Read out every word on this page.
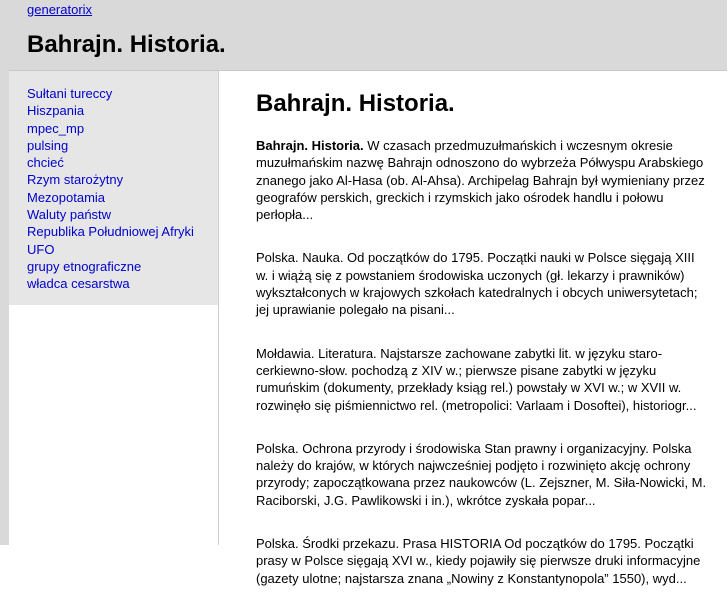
generatorix
Bahrajn. Historia.
Sułtani tureccy
Hiszpania
mpec_mp
pulsing
chcieć
Rzym starożytny
Mezopotamia
Waluty państw
Republika Południowej Afryki
UFO
grupy etnograficzne
władca cesarstwa
Bahrajn. Historia.

Bahrajn. Historia. W czasach przedmuzułmańskich i wczesnym okresie muzułmańskim nazwę Bahrajn odnoszono do wybrzeża Półwyspu Arabskiego znanego jako Al-Hasa (ob. Al-Ahsa). Archipelag Bahrajn był wymieniany przez geografów perskich, greckich i rzymskich jako ośrodek handlu i połowu perłopła...

Polska. Nauka. Od początków do 1795. Początki nauki w Polsce sięgają XIII w. i wiążą się z powstaniem środowiska uczonych (gł. lekarzy i prawników) wykształconych w krajowych szkołach katedralnych i obcych uniwersytetach; jej uprawianie polegało na pisani...

Mołdawia. Literatura. Najstarsze zachowane zabytki lit. w języku staro-cerkiewno-słow. pochodzą z XIV w.; pierwsze pisane zabytki w języku rumuńskim (dokumenty, przekłady ksiąg rel.) powstały w XVI w.; w XVII w. rozwinęło się piśmiennictwo rel. (metropolici: Varlaam i Dosoftei), historiogr...

Polska. Ochrona przyrody i środowiska Stan prawny i organizacyjny. Polska należy do krajów, w których najwcześniej podjęto i rozwinięto akcję ochrony przyrody; zapoczątkowana przez naukowców (L. Zejszner, M. Siła-Nowicki, M. Raciborski, J.G. Pawlikowski i in.), wkrótce zyskała popar...

Polska. Środki przekazu. Prasa HISTORIA Od początków do 1795. Początki prasy w Polsce sięgają XVI w., kiedy pojawiły się pierwsze druki informacyjne (gazety ulotne; najstarsza znana „Nowiny z Konstantynopola” 1550), wyd...
